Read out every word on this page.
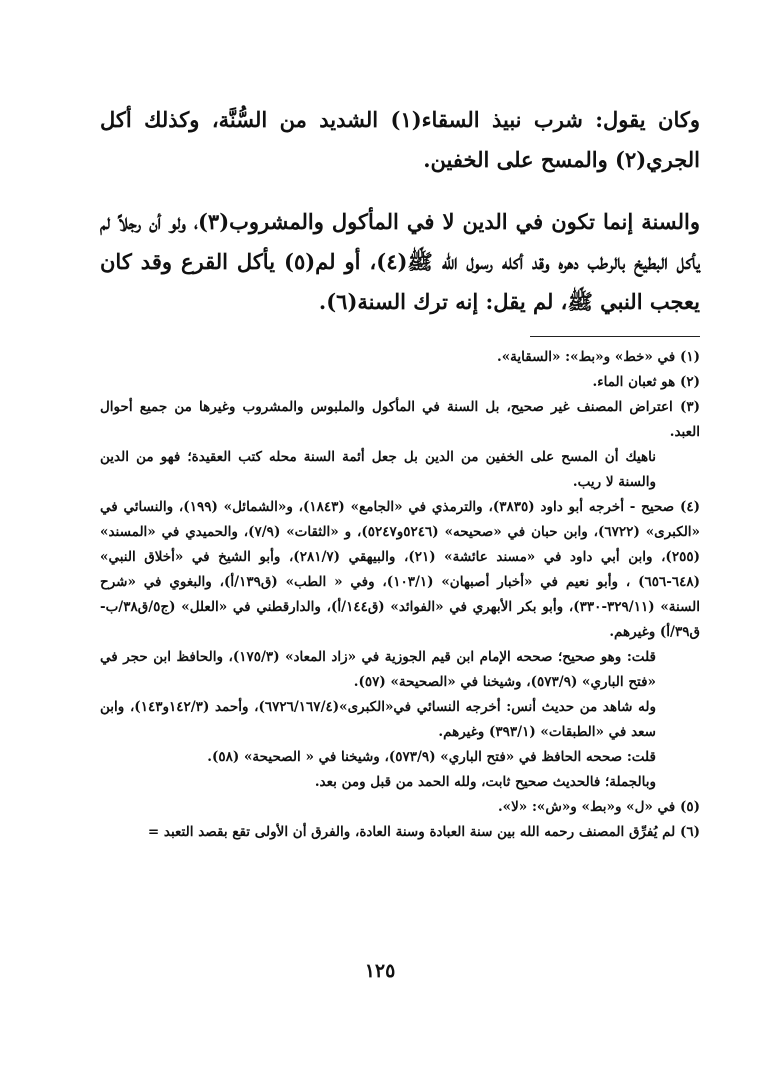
وكان يقول: شرب نبيذ السقاء(١) الشديد من السُّنَّة، وكذلك أكل الجري(٢) والمسح على الخفين.

والسنة إنما تكون في الدين لا في المأكول والمشروب(٣)، ولو أن رجلاً لم يأكل البطيخ بالرطب دهره وقد أكله رسول الله ﷺ(٤)، أو لم(٥) يأكل القرع وقد كان يعجب النبي ﷺ، لم يقل: إنه ترك السنة(٦).

(١) في «خط» و«بط»: «السقاية».

(٢) هو ثعبان الماء.

(٣) اعتراض المصنف غير صحيح، بل السنة في المأكول والملبوس والمشروب وغيرها من جميع أحوال العبد.

ناهيك أن المسح على الخفين من الدين بل جعل أئمة السنة محله كتب العقيدة؛ فهو من الدين والسنة لا ريب.

(٤) صحيح - أخرجه أبو داود (٣٨٣٥)، والترمذي في «الجامع» (١٨٤٣)، و«الشمائل» (١٩٩)، والنسائي في «الكبرى» (٦٧٢٢)، وابن حبان في «صحيحه» (٥٢٤٦و٥٢٤٧)، و «الثقات» (٧/٩)، والحميدي في «المسند» (٢٥٥)، وابن أبي داود في «مسند عائشة» (٢١)، والبيهقي (٢٨١/٧)، وأبو الشيخ في «أخلاق النبي» (٦٤٨-٦٥٦) ، وأبو نعيم في «أخبار أصبهان» (١٠٣/١)، وفي « الطب» (ق١٣٩/أ)، والبغوي في «شرح السنة» (٣٢٩/١١-٣٣٠)، وأبو بكر الأبهري في «الفوائد» (ق١٤٤/أ)، والدارقطني في «العلل» (ج٥/ق٣٨/ب-ق٣٩/أ) وغيرهم.

قلت: وهو صحيح؛ صححه الإمام ابن قيم الجوزية في «زاد المعاد» (١٧٥/٣)، والحافظ ابن حجر في «فتح الباري» (٥٧٣/٩)، وشيخنا في «الصحيحة» (٥٧).

وله شاهد من حديث أنس: أخرجه النسائي في«الكبرى»(٦٧٢٦/١٦٧/٤)، وأحمد (١٤٢/٣و١٤٣)، وابن سعد في «الطبقات» (٣٩٣/١) وغيرهم.

قلت: صححه الحافظ في «فتح الباري» (٥٧٣/٩)، وشيخنا في « الصحيحة» (٥٨).

وبالجملة؛ فالحديث صحيح ثابت، ولله الحمد من قبل ومن بعد.

(٥) في «ل» و«بط» و«ش»: «لا».

(٦) لم يُفرِّق المصنف رحمه الله بين سنة العبادة وسنة العادة، والفرق أن الأولى تقع بقصد التعبد =

١٢٥
